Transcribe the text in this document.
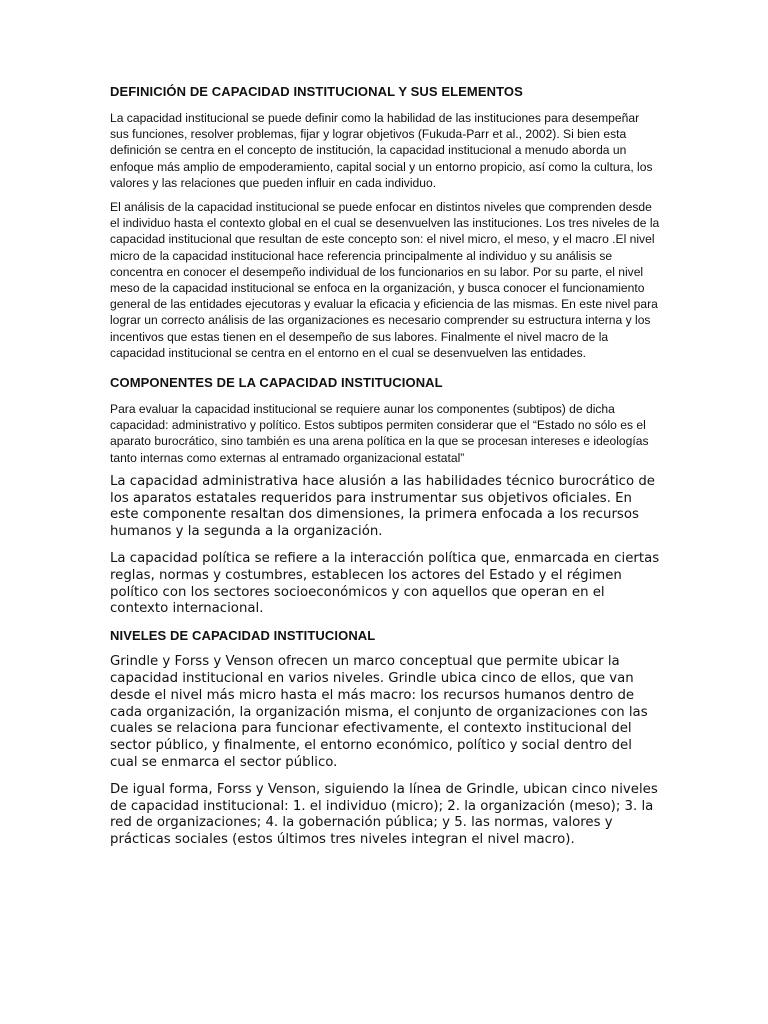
DEFINICIÓN DE CAPACIDAD INSTITUCIONAL Y SUS ELEMENTOS

La capacidad institucional se puede definir como la habilidad de las instituciones para desempeñar sus funciones, resolver problemas, fijar y lograr objetivos (Fukuda-Parr et al., 2002). Si bien esta definición se centra en el concepto de institución, la capacidad institucional a menudo aborda un enfoque más amplio de empoderamiento, capital social y un entorno propicio, así como la cultura, los valores y las relaciones que pueden influir en cada individuo.

El análisis de la capacidad institucional se puede enfocar en distintos niveles que comprenden desde el individuo hasta el contexto global en el cual se desenvuelven las instituciones. Los tres niveles de la capacidad institucional que resultan de este concepto son: el nivel micro, el meso, y el macro .El nivel micro de la capacidad institucional hace referencia principalmente al individuo y su análisis se concentra en conocer el desempeño individual de los funcionarios en su labor. Por su parte, el nivel meso de la capacidad institucional se enfoca en la organización, y busca conocer el funcionamiento general de las entidades ejecutoras y evaluar la eficacia y eficiencia de las mismas. En este nivel para lograr un correcto análisis de las organizaciones es necesario comprender su estructura interna y los incentivos que estas tienen en el desempeño de sus labores. Finalmente el nivel macro de la capacidad institucional se centra en el entorno en el cual se desenvuelven las entidades.

COMPONENTES DE LA CAPACIDAD INSTITUCIONAL

Para evaluar la capacidad institucional se requiere aunar los componentes (subtipos) de dicha capacidad: administrativo y político. Estos subtipos permiten considerar que el “Estado no sólo es el aparato burocrático, sino también es una arena política en la que se procesan intereses e ideologías tanto internas como externas al entramado organizacional estatal”

La capacidad administrativa hace alusión a las habilidades técnico burocrático de los aparatos estatales requeridos para instrumentar sus objetivos oficiales. En este componente resaltan dos dimensiones, la primera enfocada a los recursos humanos y la segunda a la organización.

La capacidad política se refiere a la interacción política que, enmarcada en ciertas reglas, normas y costumbres, establecen los actores del Estado y el régimen político con los sectores socioeconómicos y con aquellos que operan en el contexto internacional.

NIVELES DE CAPACIDAD INSTITUCIONAL

Grindle y Forss y Venson ofrecen un marco conceptual que permite ubicar la capacidad institucional en varios niveles. Grindle ubica cinco de ellos, que van desde el nivel más micro hasta el más macro: los recursos humanos dentro de cada organización, la organización misma, el conjunto de organizaciones con las cuales se relaciona para funcionar efectivamente, el contexto institucional del sector público, y finalmente, el entorno económico, político y social dentro del cual se enmarca el sector público.

De igual forma, Forss y Venson, siguiendo la línea de Grindle, ubican cinco niveles de capacidad institucional: 1. el individuo (micro); 2. la organización (meso); 3. la red de organizaciones; 4. la gobernación pública; y 5. las normas, valores y prácticas sociales (estos últimos tres niveles integran el nivel macro).
